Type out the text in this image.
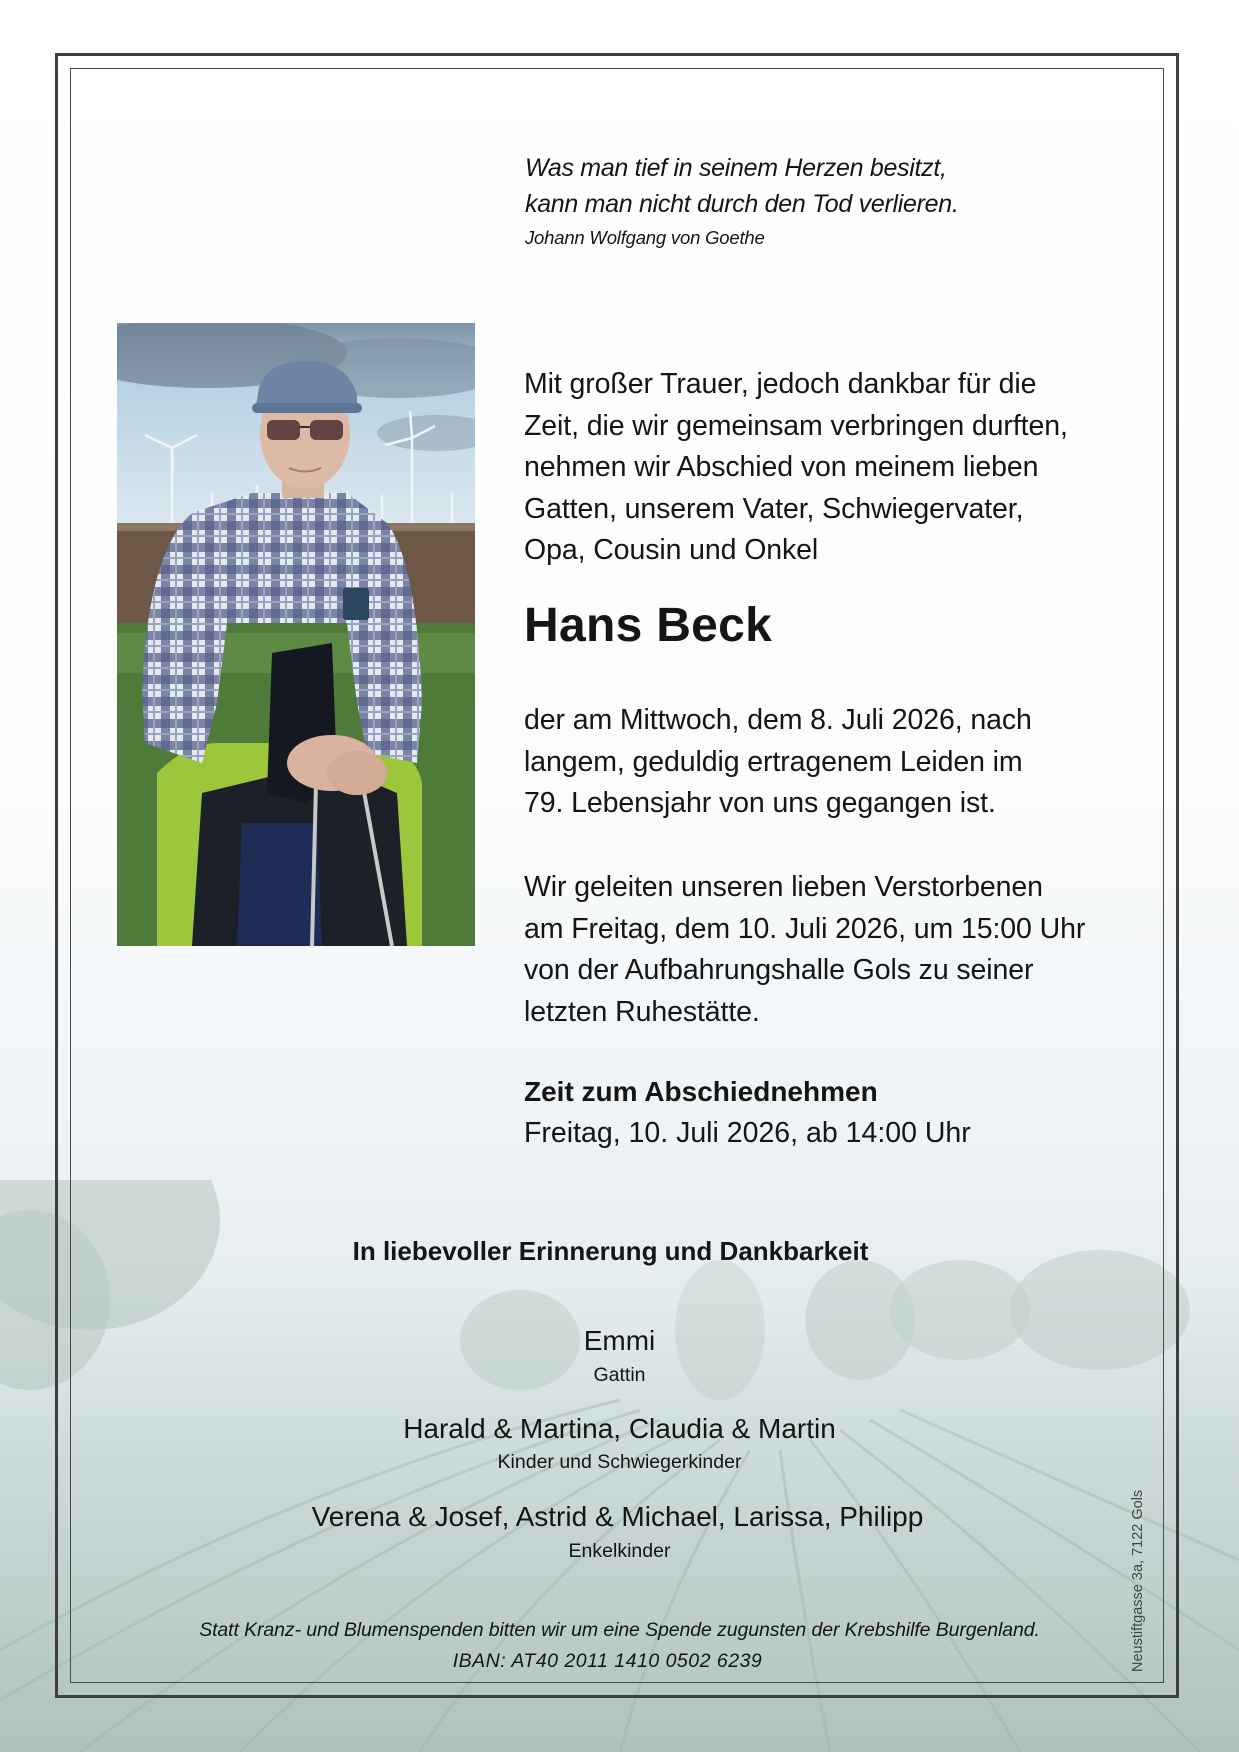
Was man tief in seinem Herzen besitzt,
kann man nicht durch den Tod verlieren.
Johann Wolfgang von Goethe
Mit großer Trauer, jedoch dankbar für die
Zeit, die wir gemeinsam verbringen durften,
nehmen wir Abschied von meinem lieben
Gatten, unserem Vater, Schwiegervater,
Opa, Cousin und Onkel
Hans Beck
der am Mittwoch, dem 8. Juli 2026, nach
langem, geduldig ertragenem Leiden im
79. Lebensjahr von uns gegangen ist.
Wir geleiten unseren lieben Verstorbenen
am Freitag, dem 10. Juli 2026, um 15:00 Uhr
von der Aufbahrungshalle Gols zu seiner
letzten Ruhestätte.
Zeit zum Abschiednehmen
Freitag, 10. Juli 2026, ab 14:00 Uhr
In liebevoller Erinnerung und Dankbarkeit
Emmi
Gattin
Harald & Martina, Claudia & Martin
Kinder und Schwiegerkinder
Verena & Josef, Astrid & Michael, Larissa, Philipp
Enkelkinder
Statt Kranz- und Blumenspenden bitten wir um eine Spende zugunsten der Krebshilfe Burgenland.
IBAN: AT40 2011 1410 0502 6239	Neustiftgasse 3a, 7122 Gols
